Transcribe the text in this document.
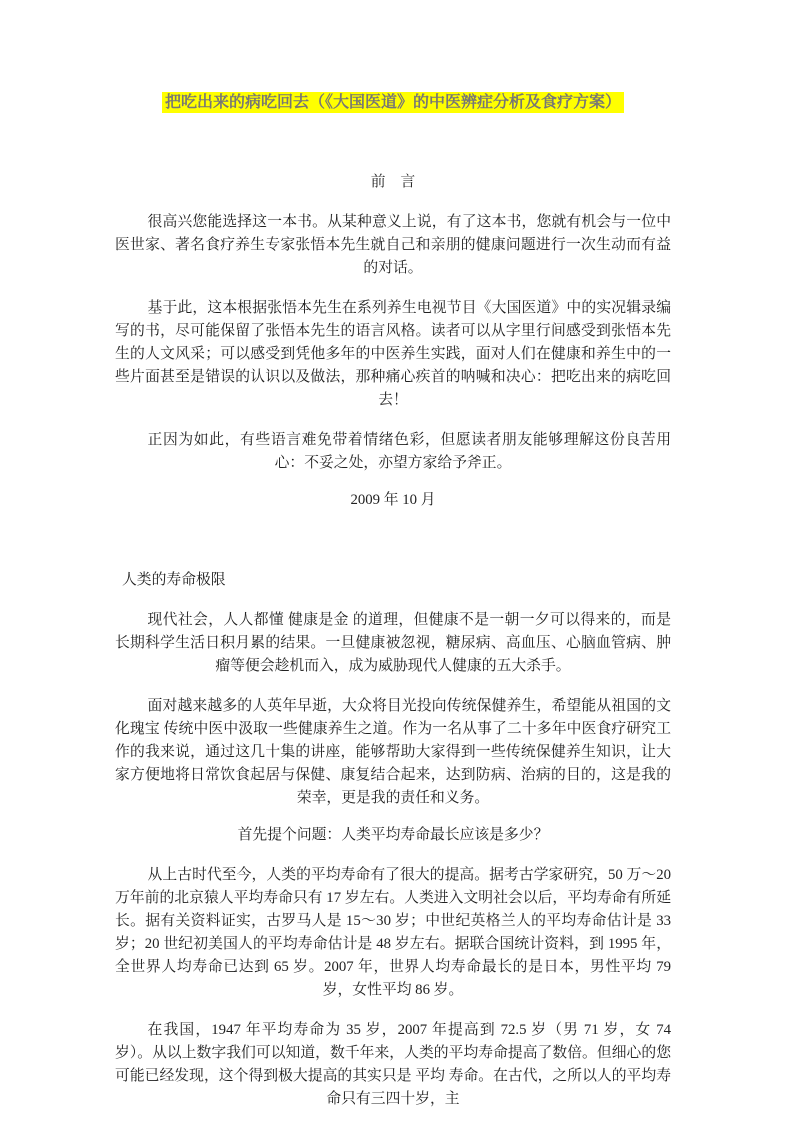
把吃出来的病吃回去（《大国医道》的中医辨症分析及食疗方案）

前　言

很高兴您能选择这一本书。从某种意义上说，有了这本书，您就有机会与一位中医世家、著名食疗养生专家张悟本先生就自己和亲朋的健康问题进行一次生动而有益的对话。

基于此，这本根据张悟本先生在系列养生电视节目《大国医道》中的实况辑录编写的书，尽可能保留了张悟本先生的语言风格。读者可以从字里行间感受到张悟本先生的人文风采；可以感受到凭他多年的中医养生实践，面对人们在健康和养生中的一些片面甚至是错误的认识以及做法，那种痛心疾首的呐喊和决心：把吃出来的病吃回去！

正因为如此，有些语言难免带着情绪色彩，但愿读者朋友能够理解这份良苦用心：不妥之处，亦望方家给予斧正。

2009 年 10 月

人类的寿命极限

现代社会，人人都懂 健康是金 的道理，但健康不是一朝一夕可以得来的，而是长期科学生活日积月累的结果。一旦健康被忽视，糖尿病、高血压、心脑血管病、肿瘤等便会趁机而入，成为威胁现代人健康的五大杀手。

面对越来越多的人英年早逝，大众将目光投向传统保健养生，希望能从祖国的文化瑰宝 传统中医中汲取一些健康养生之道。作为一名从事了二十多年中医食疗研究工作的我来说，通过这几十集的讲座，能够帮助大家得到一些传统保健养生知识，让大家方便地将日常饮食起居与保健、康复结合起来，达到防病、治病的目的，这是我的荣幸，更是我的责任和义务。

首先提个问题：人类平均寿命最长应该是多少？

从上古时代至今，人类的平均寿命有了很大的提高。据考古学家研究，50 万～20 万年前的北京猿人平均寿命只有 17 岁左右。人类进入文明社会以后，平均寿命有所延长。据有关资料证实，古罗马人是 15～30 岁；中世纪英格兰人的平均寿命估计是 33 岁；20 世纪初美国人的平均寿命估计是 48 岁左右。据联合国统计资料，到 1995 年，全世界人均寿命已达到 65 岁。2007 年，世界人均寿命最长的是日本，男性平均 79 岁，女性平均 86 岁。

在我国，1947 年平均寿命为 35 岁，2007 年提高到 72.5 岁（男 71 岁，女 74 岁）。从以上数字我们可以知道，数千年来，人类的平均寿命提高了数倍。但细心的您可能已经发现，这个得到极大提高的其实只是 平均 寿命。在古代，之所以人的平均寿命只有三四十岁，主
